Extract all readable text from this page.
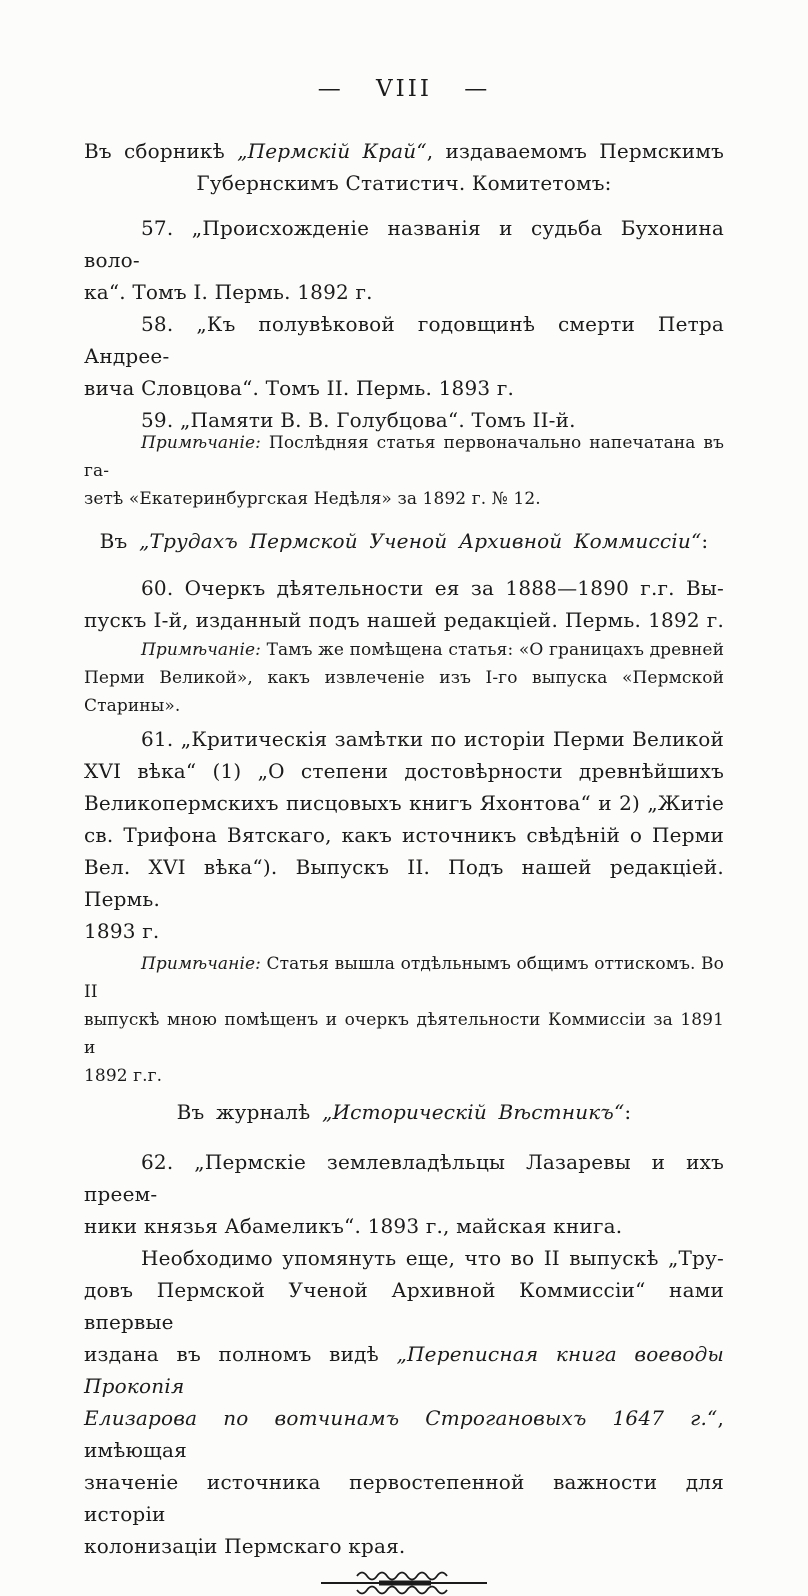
— VIII —
Въ сборникѣ „Пермскій Край“, издаваемомъ Пермскимъ
Губернскимъ Статистич. Комитетомъ:
57. „Происхожденіе названія и судьба Бухонина воло-
ка“. Томъ I. Пермь. 1892 г.
58. „Къ полувѣковой годовщинѣ смерти Петра Андрее-
вича Словцова“. Томъ II. Пермь. 1893 г.
59. „Памяти В. В. Голубцова“. Томъ II-й.
Примѣчаніе: Послѣдняя статья первоначально напечатана въ га-
зетѣ «Екатеринбургская Недѣля» за 1892 г. № 12.
Въ „Трудахъ Пермской Ученой Архивной Коммиссіи“:
60. Очеркъ дѣятельности ея за 1888—1890 г.г. Вы-
пускъ I-й, изданный подъ нашей редакціей. Пермь. 1892 г.
Примѣчаніе: Тамъ же помѣщена статья: «О границахъ древней
Перми Великой», какъ извлеченіе изъ I-го выпуска «Пермской Старины».
61. „Критическія замѣтки по исторіи Перми Великой
XVI вѣка“ (1) „О степени достовѣрности древнѣйшихъ
Великопермскихъ писцовыхъ книгъ Яхонтова“ и 2) „Житіе
св. Трифона Вятскаго, какъ источникъ свѣдѣній о Перми
Вел. XVI вѣка“). Выпускъ II. Подъ нашей редакціей. Пермь.
1893 г.
Примѣчаніе: Статья вышла отдѣльнымъ общимъ оттискомъ. Во II
выпускѣ мною помѣщенъ и очеркъ дѣятельности Коммиссіи за 1891 и
1892 г.г.
Въ журналѣ „Историческій Вѣстникъ“:
62. „Пермскіе землевладѣльцы Лазаревы и ихъ преем-
ники князья Абамеликъ“. 1893 г., майская книга.
Необходимо упомянуть еще, что во II выпускѣ „Тру-
довъ Пермской Ученой Архивной Коммиссіи“ нами впервые
издана въ полномъ видѣ „Переписная книга воеводы Прокопія
Елизарова по вотчинамъ Строгановыхъ 1647 г.“, имѣющая
значеніе источника первостепенной важности для исторіи
колонизаціи Пермскаго края.
